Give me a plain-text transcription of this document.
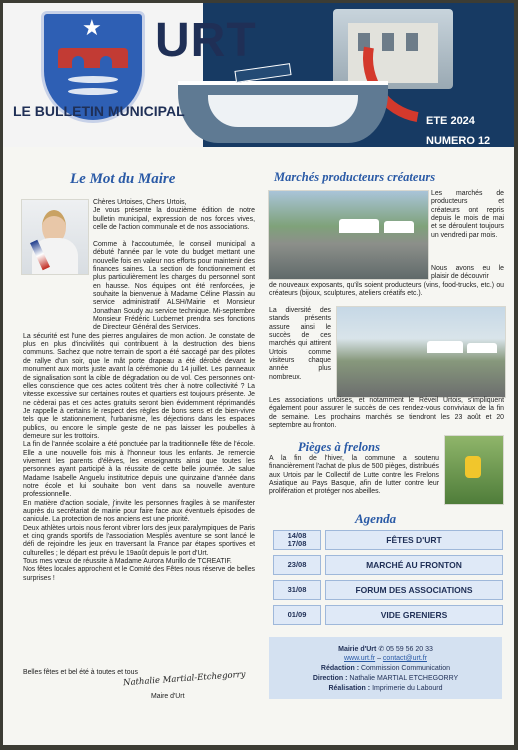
★ URT
LE BULLETIN MUNICIPAL
ETE 2024
NUMERO 12
Le Mot du Maire

Chères Urtoises, Chers Urtois,

Je vous présente la douzième édition de notre bulletin municipal, expression de nos forces vives, celle de l'action communale et de nos associations.

Comme à l'accoutumée, le conseil municipal a débuté l'année par le vote du budget mettant une nouvelle fois en valeur nos efforts pour maintenir des finances saines. La section de fonctionnement et plus particulièrement les charges du personnel sont en hausse. Nos équipes ont été renforcées, je souhaite la bienvenue à Madame Céline Plassin au service administratif ALSH/Mairie et Monsieur Jonathan Soudy au service technique. Mi-septembre Monsieur Frédéric Lucbernet prendra ses fonctions de Directeur Général des Services.

La sécurité est l'une des pierres angulaires de mon action. Je constate de plus en plus d'incivilités qui contribuent à la destruction des biens communs. Sachez que notre terrain de sport a été saccagé par des pilotes de rallye d'un soir, que le mât porte drapeau a été dérobé devant le monument aux morts juste avant la cérémonie du 14 juillet. Les panneaux de signalisation sont la cible de dégradation ou de vol. Ces personnes ont-elles conscience que ces actes coûtent très cher à notre collectivité ? La vitesse excessive sur certaines routes et quartiers est toujours présente. Je ne cèderai pas et ces actes gratuits seront bien évidemment réprimandés Je rappelle à certains le respect des règles de bons sens et de bien-vivre tels que le stationnement, l'urbanisme, les déjections dans les espaces publics, ou encore le simple geste de ne pas laisser les poubelles à demeure sur les trottoirs.

La fin de l'année scolaire a été ponctuée par la traditionnelle fête de l'école. Elle a une nouvelle fois mis à l'honneur tous les enfants. Je remercie vivement les parents d'élèves, les enseignants ainsi que toutes les personnes ayant participé à la réussite de cette belle journée. Je salue Madame Isabelle Anguelu institutrice depuis une quinzaine d'année dans notre école et lui souhaite bon vent dans sa nouvelle aventure professionnelle.

En matière d'action sociale, j'invite les personnes fragiles à se manifester auprès du secrétariat de mairie pour faire face aux éventuels épisodes de canicule. La protection de nos anciens est une priorité.

Deux athlètes urtois nous feront vibrer lors des jeux paralympiques de Paris et cinq grands sportifs de l'association Mesplès aventure se sont lancé le défi de rejoindre les jeux en traversant la France par étapes sportives et culturelles ; le départ est prévu le 19août depuis le port d'Urt.

Tous mes vœux de réussite à Madame Aurora Murillo de TCREATIF.

Nos fêtes locales approchent et le Comité des Fêtes nous réserve de belles surprises !

Belles fêtes et bel été à toutes et tous
Nathalie Martial-Etchegorry
Maire d'Urt
Marchés producteurs créateurs
Les marchés de producteurs et créateurs ont repris depuis le mois de mai et se déroulent toujours un vendredi par mois.
Nous avons eu le plaisir de découvrir
de nouveaux exposants, qu'ils soient producteurs (vins, food-trucks, etc.) ou créateurs (bijoux, sculptures, ateliers créatifs etc.).
La diversité des stands présents assure ainsi le succès de ces marchés qui attirent Urtois comme visiteurs chaque année plus nombreux.
Les associations urtoises, et notamment le Réveil Urtois, s'impliquent également pour assurer le succès de ces rendez-vous conviviaux de la fin de semaine. Les prochains marchés se tiendront les 23 août et 20 septembre au fronton.
Pièges à frelons
A la fin de l'hiver, la commune a soutenu financièrement l'achat de plus de 500 pièges, distribués aux Urtois par le Collectif de Lutte contre les Frelons Asiatique au Pays Basque, afin de lutter contre leur prolifération et protéger nos abeilles.
Agenda
14/08
17/08	FÊTES D'URT
23/08	MARCHÉ AU FRONTON
31/08	FORUM DES ASSOCIATIONS
01/09	VIDE GRENIERS
Mairie d'Urt ✆ 05 59 56 20 33
www.urt.fr – contact@urt.fr
Rédaction : Commission Communication
Direction : Nathalie MARTIAL ETCHEGORRY
Réalisation : Imprimerie du Labourd
